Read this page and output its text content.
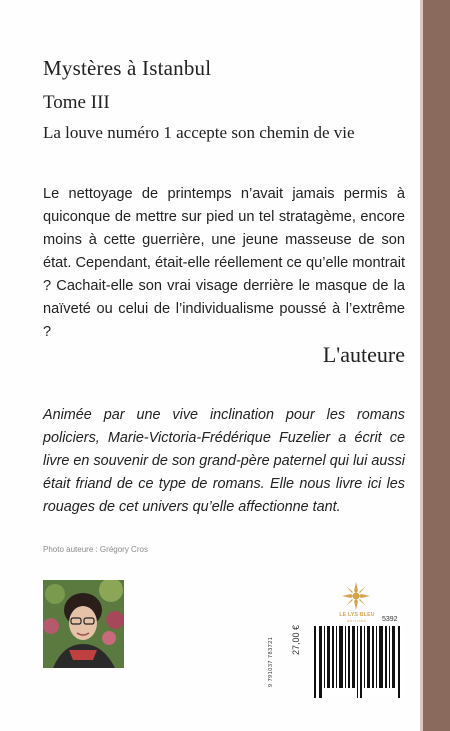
Mystères à Istanbul
Tome III
La louve numéro 1 accepte son chemin de vie

Le nettoyage de printemps n’avait jamais permis à quiconque de mettre sur pied un tel stratagème, encore moins à cette guerrière, une jeune masseuse de son état. Cependant, était-elle réellement ce qu’elle montrait ? Cachait-elle son vrai visage derrière le masque de la naïveté ou celui de l’individualisme poussé à l’extrême ?

L'auteure
Animée par une vive inclination pour les romans policiers, Marie-Victoria-Frédérique Fuzelier a écrit ce livre en souvenir de son grand-père paternel qui lui aussi était friand de ce type de romans. Elle nous livre ici les rouages de cet univers qu’elle affectionne tant.
Photo auteure : Grégory Cros
LE LYS BLEU
ÉDITIONS	5392
27,00 €
9 791037 783721
